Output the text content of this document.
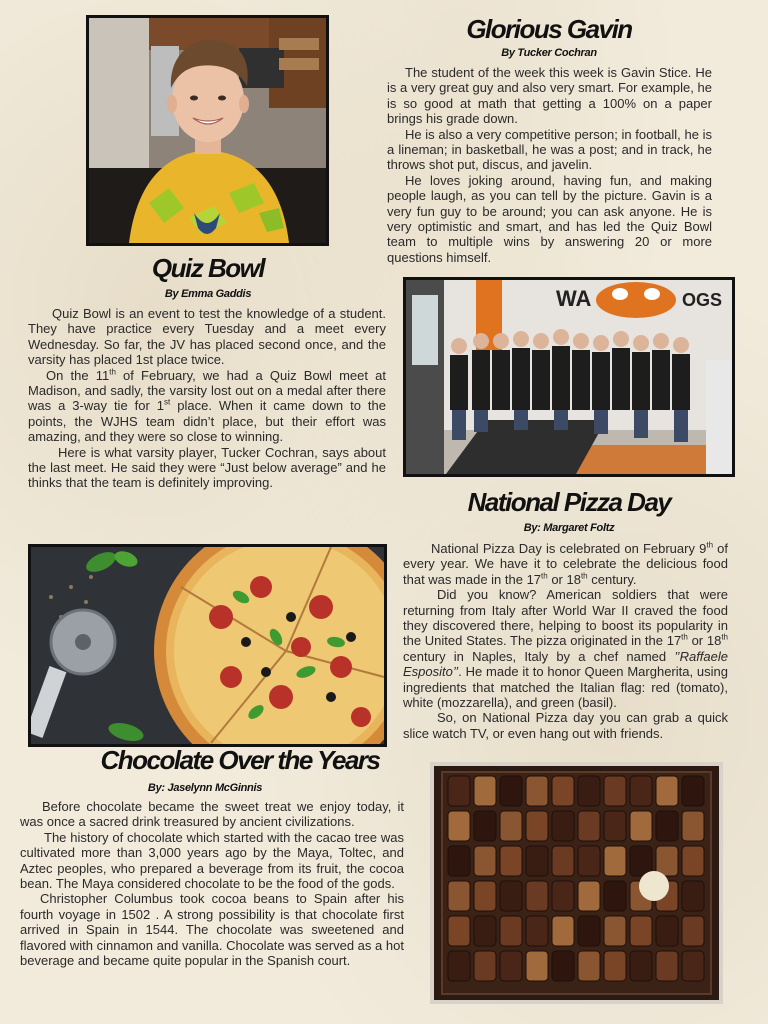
Glorious Gavin
By Tucker Cochran

The student of the week this week is Gavin Stice. He is a very great guy and also very smart. For example, he is so good at math that getting a 100% on a paper brings his grade down.

He is also a very competitive person; in football, he is a lineman; in basketball, he was a post; and in track, he throws shot put, discus, and javelin.

He loves joking around, having fun, and making people laugh, as you can tell by the picture. Gavin is a very fun guy to be around; you can ask anyone. He is very optimistic and smart, and has led the Quiz Bowl team to multiple wins by answering 20 or more questions himself.

Quiz Bowl
By Emma Gaddis

Quiz Bowl is an event to test the knowledge of a student. They have practice every Tuesday and a meet every Wednesday. So far, the JV has placed second once, and the varsity has placed 1st place twice.

On the 11th of February, we had a Quiz Bowl meet at Madison, and sadly, the varsity lost out on a medal after there was a 3-way tie for 1st place. When it came down to the points, the WJHS team didn’t place, but their effort was amazing, and they were so close to winning.

Here is what varsity player, Tucker Cochran, says about the last meet. He said they were “Just below average” and he thinks that the team is definitely improving.

WA	OGS
National Pizza Day
By: Margaret Foltz

National Pizza Day is celebrated on February 9th of every year. We have it to celebrate the delicious food that was made in the 17th or 18th century.

Did you know? American soldiers that were returning from Italy after World War II craved the food they discovered there, helping to boost its popularity in the United States. The pizza originated in the 17th or 18th century in Naples, Italy by a chef named ’’Raffaele Esposito’’. He made it to honor Queen Margherita, using ingredients that matched the Italian flag: red (tomato), white (mozzarella), and green (basil).

So, on National Pizza day you can grab a quick slice watch TV, or even hang out with friends.

Chocolate Over the Years
By: Jaselynn McGinnis

Before chocolate became the sweet treat we enjoy today, it was once a sacred drink treasured by ancient civilizations.

The history of chocolate which started with the cacao tree was cultivated more than 3,000 years ago by the Maya, Toltec, and Aztec peoples, who prepared a beverage from its fruit, the cocoa bean. The Maya considered chocolate to be the food of the gods.

Christopher Columbus took cocoa beans to Spain after his fourth voyage in 1502 . A strong possibility is that chocolate first arrived in Spain in 1544. The chocolate was sweetened and flavored with cinnamon and vanilla. Chocolate was served as a hot beverage and became quite popular in the Spanish court.
